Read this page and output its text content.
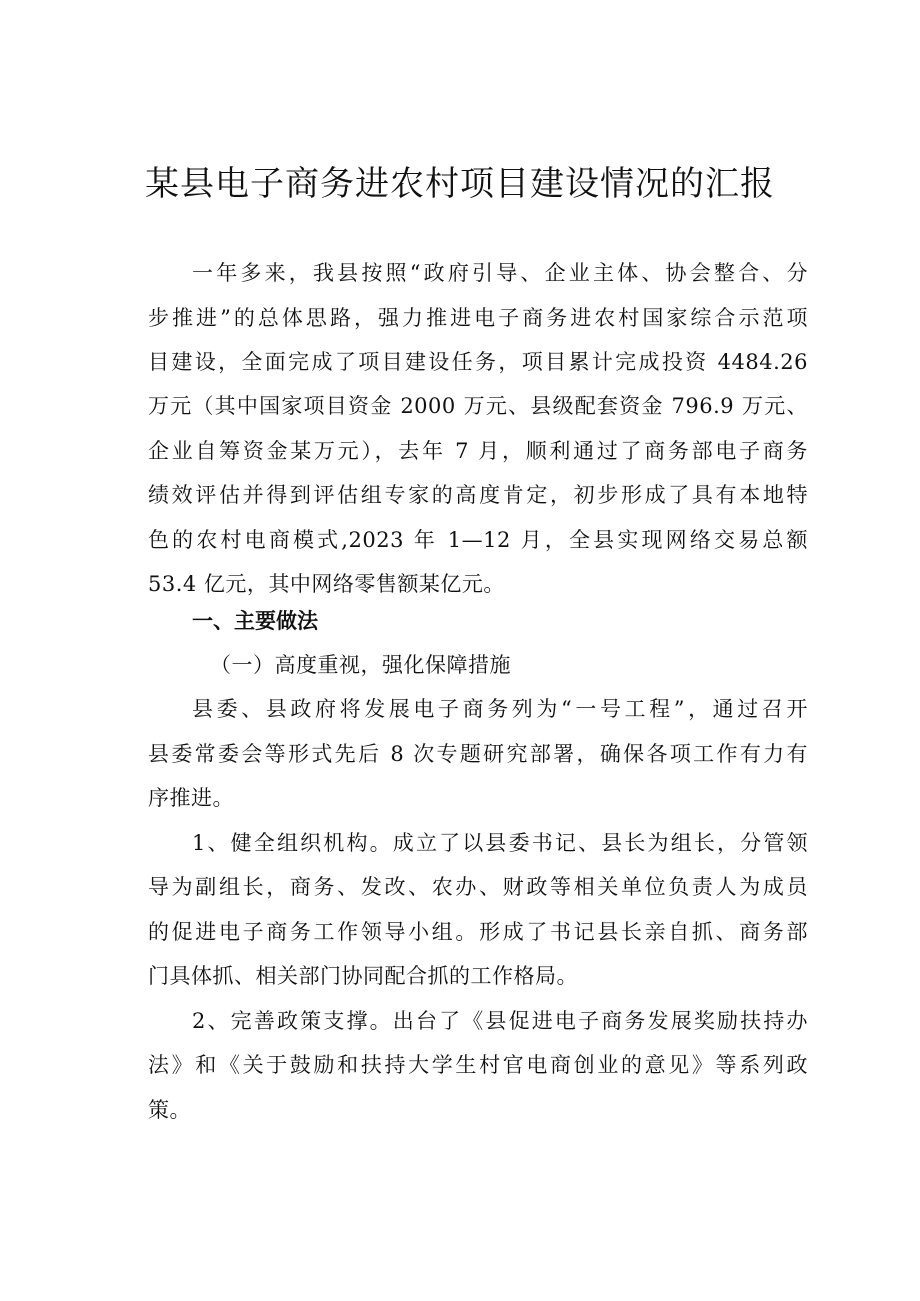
某县电子商务进农村项目建设情况的汇报
一年多来，我县按照“政府引导、企业主体、协会整合、分
步推进”的总体思路，强力推进电子商务进农村国家综合示范项
目建设，全面完成了项目建设任务，项目累计完成投资 4484.26
万元（其中国家项目资金 2000 万元、县级配套资金 796.9 万元、
企业自筹资金某万元），去年 7 月，顺利通过了商务部电子商务
绩效评估并得到评估组专家的高度肯定，初步形成了具有本地特
色的农村电商模式,2023 年 1—12 月，全县实现网络交易总额
53.4 亿元，其中网络零售额某亿元。
一、主要做法
（一）高度重视，强化保障措施
县委、县政府将发展电子商务列为“一号工程”，通过召开
县委常委会等形式先后 8 次专题研究部署，确保各项工作有力有
序推进。
1、健全组织机构。成立了以县委书记、县长为组长，分管领
导为副组长，商务、发改、农办、财政等相关单位负责人为成员
的促进电子商务工作领导小组。形成了书记县长亲自抓、商务部
门具体抓、相关部门协同配合抓的工作格局。
2、完善政策支撑。出台了《县促进电子商务发展奖励扶持办
法》和《关于鼓励和扶持大学生村官电商创业的意见》等系列政
策。
